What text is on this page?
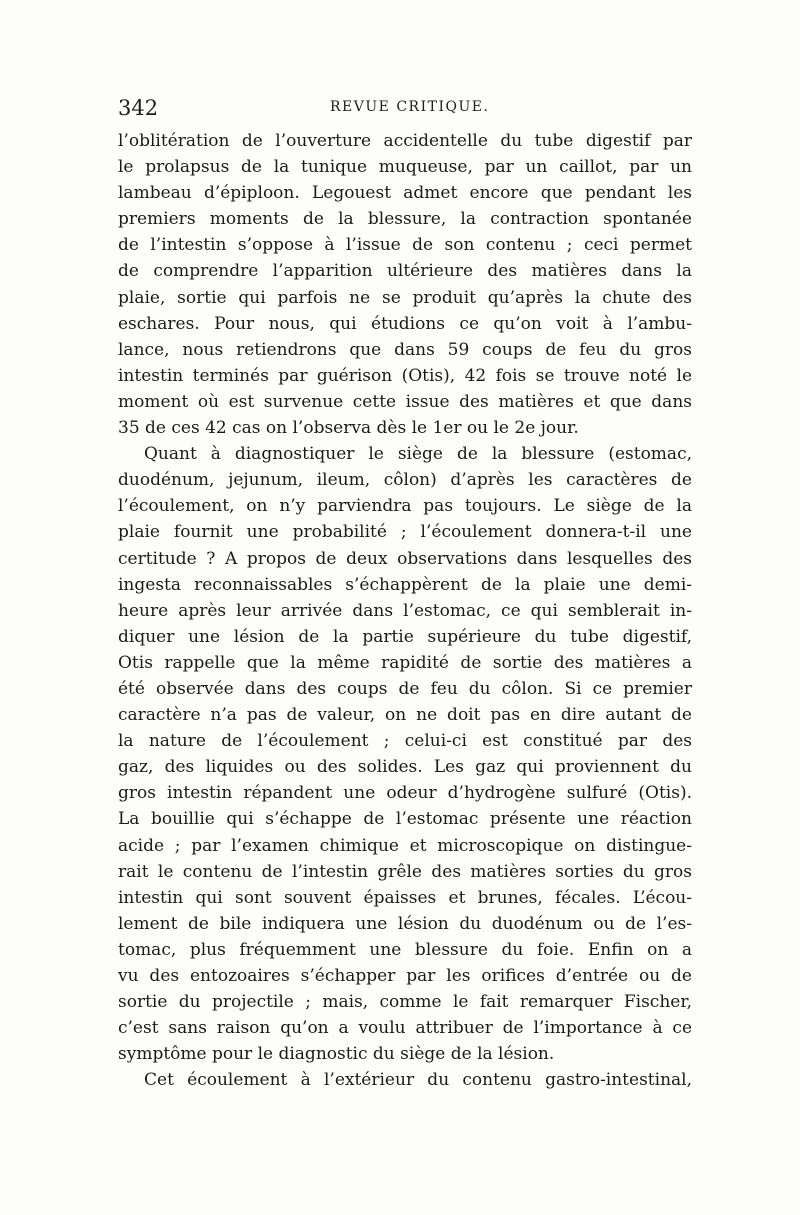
342	REVUE CRITIQUE.
l’oblitération de l’ouverture accidentelle du tube digestif par
le prolapsus de la tunique muqueuse, par un caillot, par un
lambeau d’épiploon. Legouest admet encore que pendant les
premiers moments de la blessure, la contraction spontanée
de l’intestin s’oppose à l’issue de son contenu ; ceci permet
de comprendre l’apparition ultérieure des matières dans la
plaie, sortie qui parfois ne se produit qu’après la chute des
eschares. Pour nous, qui étudions ce qu’on voit à l’ambu-
lance, nous retiendrons que dans 59 coups de feu du gros
intestin terminés par guérison (Otis), 42 fois se trouve noté le
moment où est survenue cette issue des matières et que dans
35 de ces 42 cas on l’observa dès le 1er ou le 2e jour.
Quant à diagnostiquer le siège de la blessure (estomac,
duodénum, jejunum, ileum, côlon) d’après les caractères de
l’écoulement, on n’y parviendra pas toujours. Le siège de la
plaie fournit une probabilité ; l’écoulement donnera-t-il une
certitude ? A propos de deux observations dans lesquelles des
ingesta reconnaissables s’échappèrent de la plaie une demi-
heure après leur arrivée dans l’estomac, ce qui semblerait in-
diquer une lésion de la partie supérieure du tube digestif,
Otis rappelle que la même rapidité de sortie des matières a
été observée dans des coups de feu du côlon. Si ce premier
caractère n’a pas de valeur, on ne doit pas en dire autant de
la nature de l’écoulement ; celui-ci est constitué par des
gaz, des liquides ou des solides. Les gaz qui proviennent du
gros intestin répandent une odeur d’hydrogène sulfuré (Otis).
La bouillie qui s’échappe de l’estomac présente une réaction
acide ; par l’examen chimique et microscopique on distingue-
rait le contenu de l’intestin grêle des matières sorties du gros
intestin qui sont souvent épaisses et brunes, fécales. L’écou-
lement de bile indiquera une lésion du duodénum ou de l’es-
tomac, plus fréquemment une blessure du foie. Enfin on a
vu des entozoaires s’échapper par les orifices d’entrée ou de
sortie du projectile ; mais, comme le fait remarquer Fischer,
c’est sans raison qu’on a voulu attribuer de l’importance à ce
symptôme pour le diagnostic du siège de la lésion.
Cet écoulement à l’extérieur du contenu gastro-intestinal,
